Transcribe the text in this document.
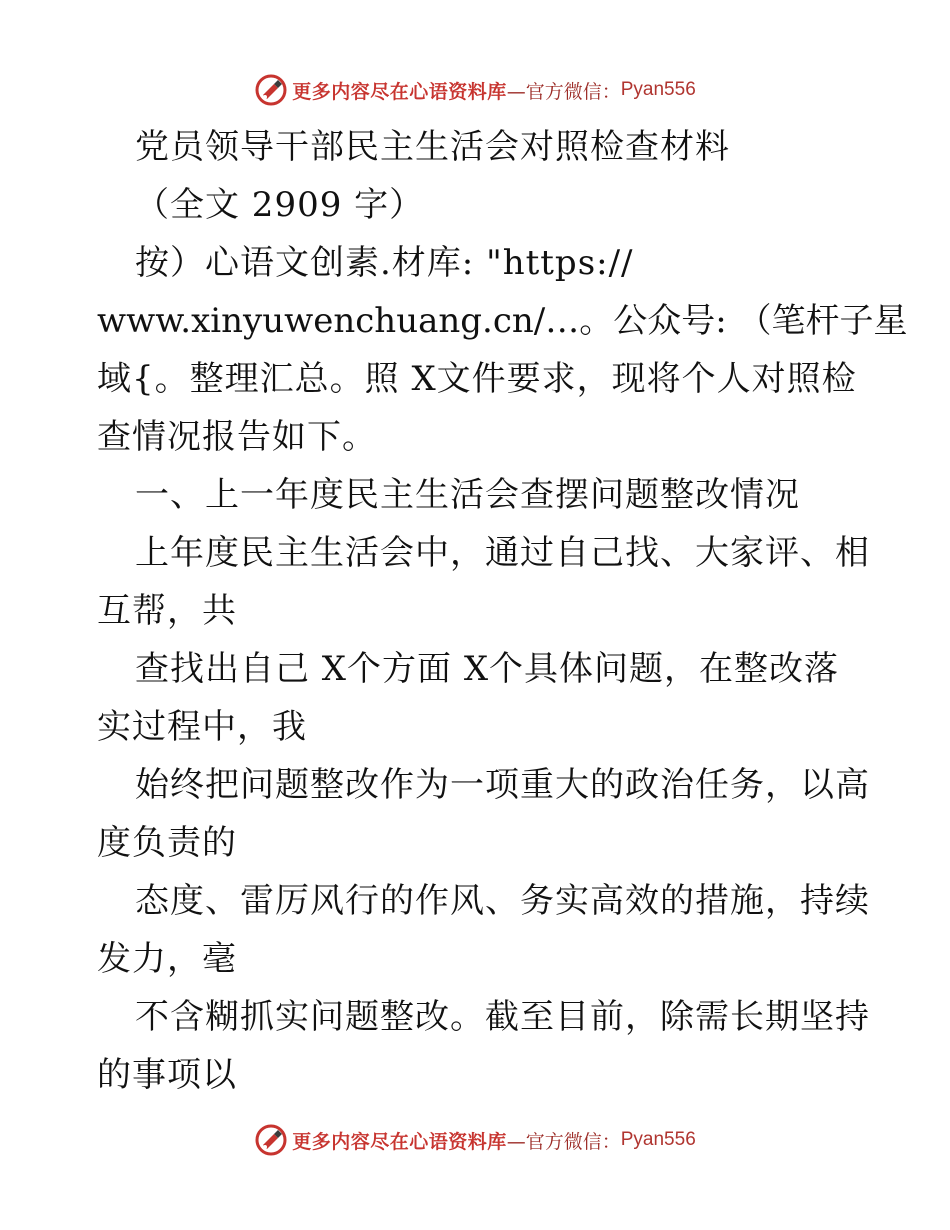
更多内容尽在心语资料库 —官方微信： Pyan556
党员领导干部民主生活会对照检查材料
（全文 2909 字）
按）心语文创素.材库: "https://
www.xinyuwenchuang.cn/…。公众号: （笔杆子星
域{。整理汇总。照 X文件要求，现将个人对照检
查情况报告如下。
一、上一年度民主生活会查摆问题整改情况
上年度民主生活会中，通过自己找、大家评、相
互帮，共
查找出自己 X个方面 X个具体问题，在整改落
实过程中，我
始终把问题整改作为一项重大的政治任务，以高
度负责的
态度、雷厉风行的作风、务实高效的措施，持续
发力，毫
不含糊抓实问题整改。截至目前，除需长期坚持
的事项以
更多内容尽在心语资料库 —官方微信： Pyan556
